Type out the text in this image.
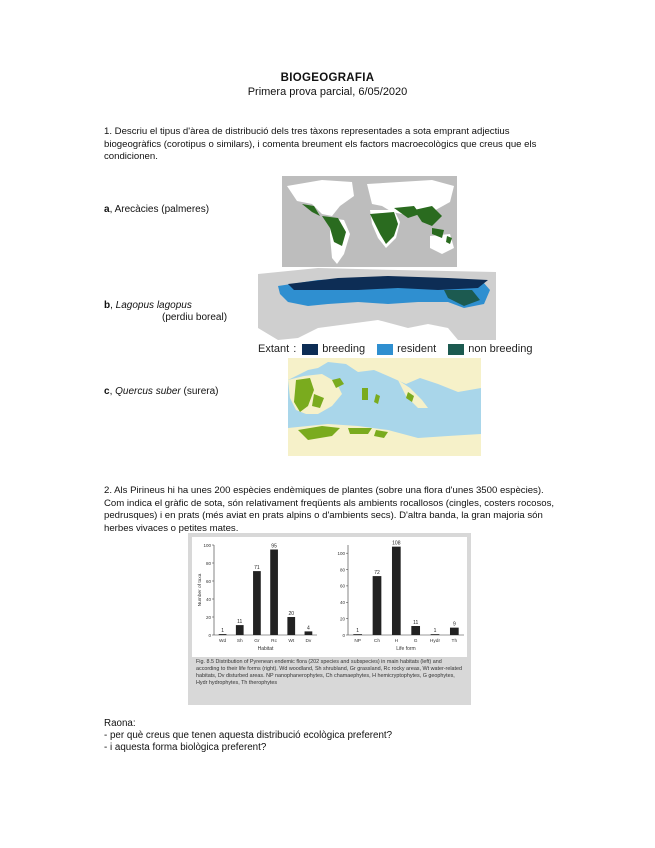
BIOGEOGRAFIA
Primera prova parcial, 6/05/2020
1. Descriu el tipus d'àrea de distribució dels tres tàxons representades a sota emprant adjectius biogeogràfics (corotipus o similars), i comenta breument els factors macroecològics que creus que els condicionen.
a, Arecàcies (palmeres)
b, Lagopus lagopus
(perdiu boreal)
Extant : breeding	resident	non breeding
c, Quercus suber (surera)
2. Als Pirineus hi ha unes 200 espècies endèmiques de plantes (sobre una flora d'unes 3500 espècies). Com indica el gràfic de sota, són relativament freqüents als ambients rocallosos (cingles, costers rocosos, pedrusques) i en prats (més aviat en prats alpins o d'ambients secs). D'altra banda, la gran majoria són herbes vivaces o petites mates.
0
20
40
60
80
100
1
Wd
11
Sh
71
Gr
95
Rc
20
Wt
4
Dv
Habitat
Number of taxa
0
20
40
60
80
100
1
NP
72
Ch
108
H
11
G
1
Hydr
9
Th
Life form
Fig. 8.5 Distribution of Pyrenean endemic flora (202 species and subspecies) in main habitats (left) and according to their life forms (right). Wd woodland, Sh shrubland, Gr grassland, Rc rocky areas, Wt water-related habitats, Dv disturbed areas. NP nanophanerophytes, Ch chamaephytes, H hemicryptophytes, G geophytes, Hydr hydrophytes, Th therophytes
Raona:
- per què creus que tenen aquesta distribució ecològica preferent?
- i aquesta forma biològica preferent?
